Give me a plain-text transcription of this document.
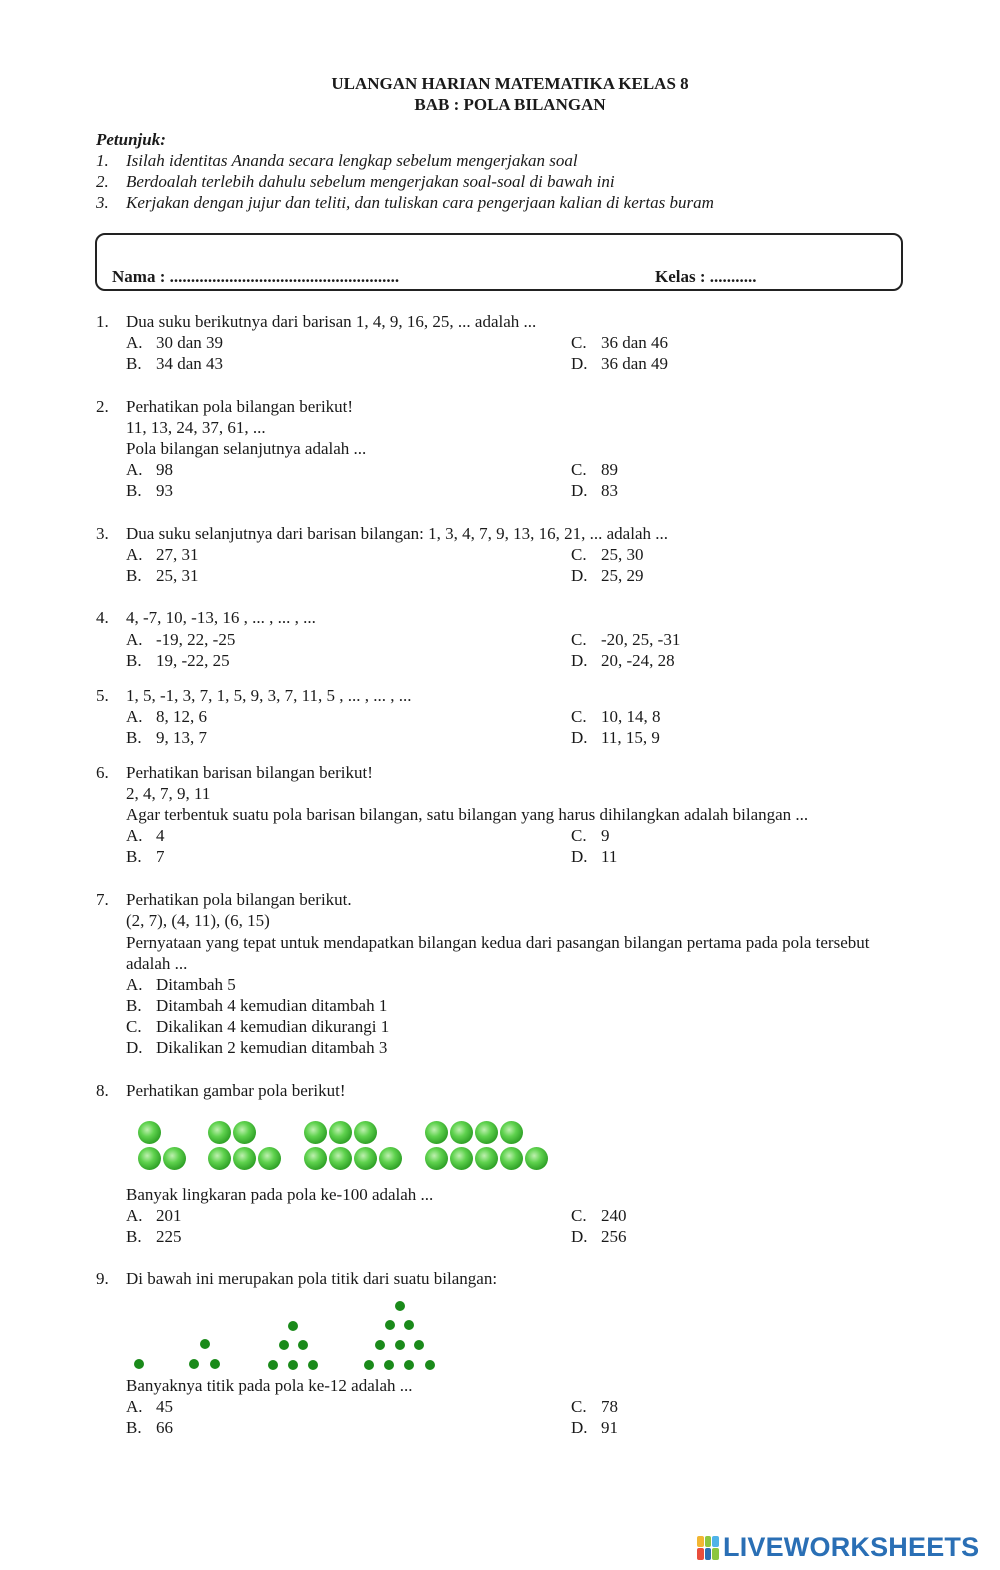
ULANGAN HARIAN MATEMATIKA KELAS 8
BAB : POLA BILANGAN
Petunjuk:
1. Isilah identitas Ananda secara lengkap sebelum mengerjakan soal
2. Berdoalah terlebih dahulu sebelum mengerjakan soal-soal di bawah ini
3. Kerjakan dengan jujur dan teliti, dan tuliskan cara pengerjaan kalian di kertas buram
Nama : ......................................................	Kelas : ...........
1. Dua suku berikutnya dari barisan 1, 4, 9, 16, 25, ... adalah ...
A. 30 dan 39
B. 34 dan 43
C. 36 dan 46
D. 36 dan 49
2. Perhatikan pola bilangan berikut!
11, 13, 24, 37, 61, ...
Pola bilangan selanjutnya adalah ...
A. 98
B. 93
C. 89
D. 83
3. Dua suku selanjutnya dari barisan bilangan: 1, 3, 4, 7, 9, 13, 16, 21, ... adalah ...
A. 27, 31
B. 25, 31
C. 25, 30
D. 25, 29
4. 4, -7, 10, -13, 16 , ... , ... , ...
A. -19, 22, -25
B. 19, -22, 25
C. -20, 25, -31
D. 20, -24, 28
5. 1, 5, -1, 3, 7, 1, 5, 9, 3, 7, 11, 5 , ... , ... , ...
A. 8, 12, 6
B. 9, 13, 7
C. 10, 14, 8
D. 11, 15, 9
6. Perhatikan barisan bilangan berikut!
2, 4, 7, 9, 11
Agar terbentuk suatu pola barisan bilangan, satu bilangan yang harus dihilangkan adalah bilangan ...
A. 4
B. 7
C. 9
D. 11
7. Perhatikan pola bilangan berikut.
(2, 7), (4, 11), (6, 15)
Pernyataan yang tepat untuk mendapatkan bilangan kedua dari pasangan bilangan pertama pada pola tersebut
adalah ...
A. Ditambah 5
B. Ditambah 4 kemudian ditambah 1
C. Dikalikan 4 kemudian dikurangi 1
D. Dikalikan 2 kemudian ditambah 3
8. Perhatikan gambar pola berikut!
Banyak lingkaran pada pola ke-100 adalah ...
A. 201
B. 225
C. 240
D. 256
9. Di bawah ini merupakan pola titik dari suatu bilangan:
Banyaknya titik pada pola ke-12 adalah ...
A. 45
B. 66
C. 78
D. 91
LIVEWORKSHEETS
